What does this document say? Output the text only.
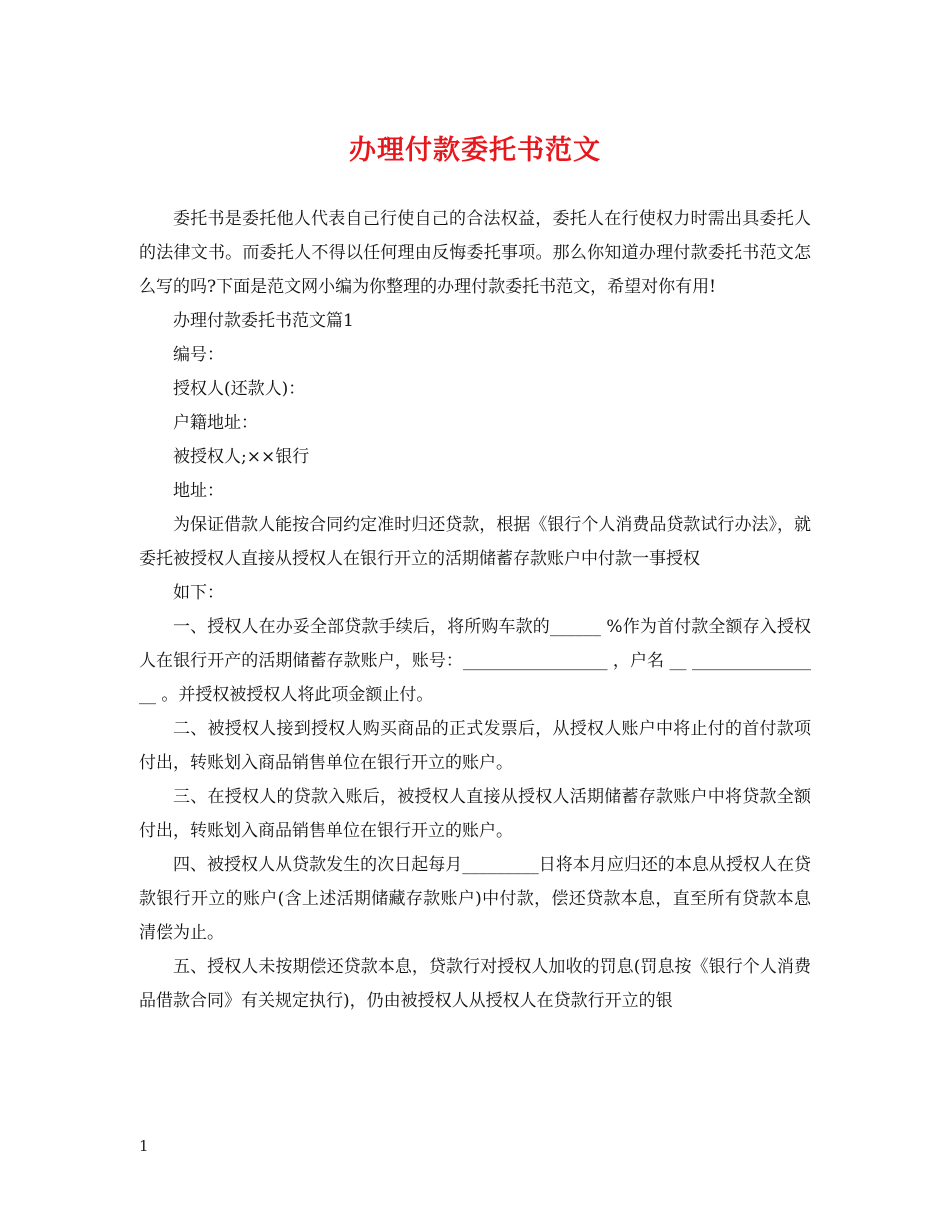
办理付款委托书范文

委托书是委托他人代表自己行使自己的合法权益，委托人在行使权力时需出具委托人的法律文书。而委托人不得以任何理由反悔委托事项。那么你知道办理付款委托书范文怎么写的吗?下面是范文网小编为你整理的办理付款委托书范文，希望对你有用!

办理付款委托书范文篇1

编号：

授权人(还款人)：

户籍地址：

被授权人;××银行

地址：

为保证借款人能按合同约定准时归还贷款，根据《银行个人消费品贷款试行办法》，就委托被授权人直接从授权人在银行开立的活期储蓄存款账户中付款一事授权

如下：

一、授权人在办妥全部贷款手续后，将所购车款的______ %作为首付款全额存入授权人在银行开产的活期储蓄存款账户，账号：_________________ ，户名 __ ________________ 。并授权被授权人将此项金额止付。

二、被授权人接到授权人购买商品的正式发票后，从授权人账户中将止付的首付款项付出，转账划入商品销售单位在银行开立的账户。

三、在授权人的贷款入账后，被授权人直接从授权人活期储蓄存款账户中将贷款全额付出，转账划入商品销售单位在银行开立的账户。

四、被授权人从贷款发生的次日起每月_________日将本月应归还的本息从授权人在贷款银行开立的账户(含上述活期储藏存款账户)中付款，偿还贷款本息，直至所有贷款本息清偿为止。

五、授权人未按期偿还贷款本息，贷款行对授权人加收的罚息(罚息按《银行个人消费品借款合同》有关规定执行)，仍由被授权人从授权人在贷款行开立的银

1
